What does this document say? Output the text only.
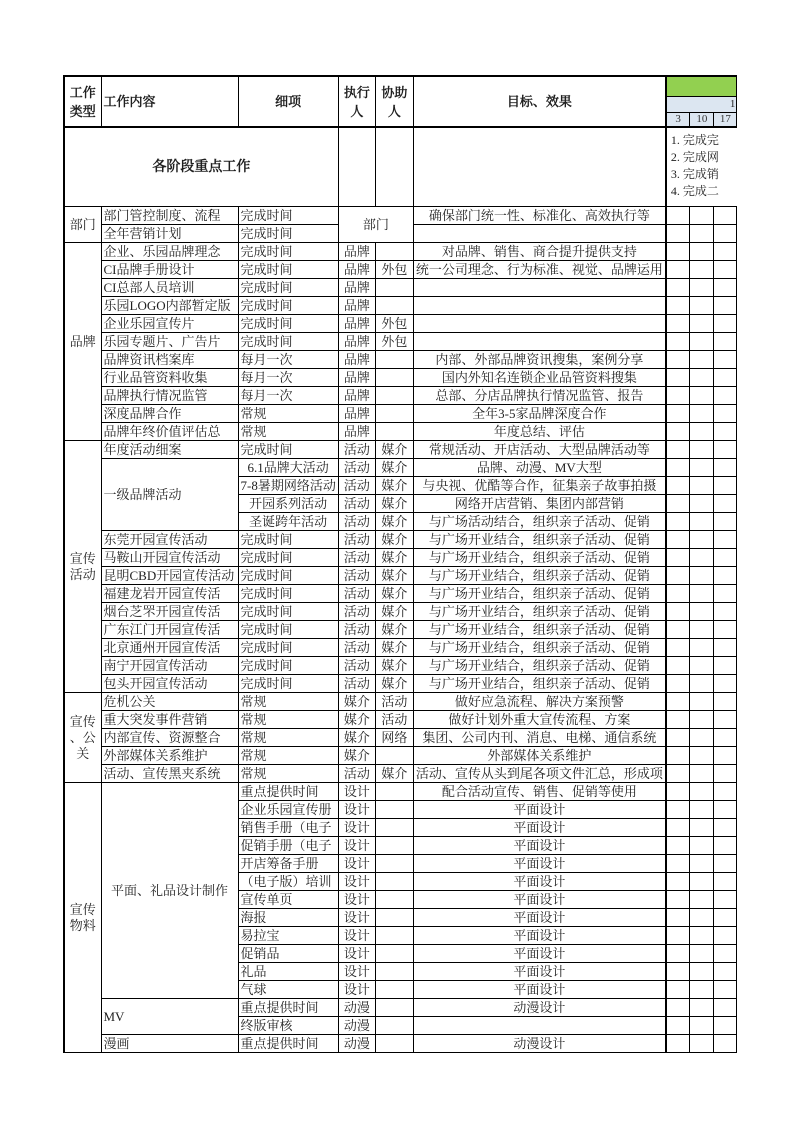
工作类型	工作内容	细项	执行人	协助人	目标、效果			
						1		
						3	10	17
各阶段重点工作						1. 完成完
2. 完成网
3. 完成销
4. 完成二		

部门	部门管控制度、流程	完成时间	部门		确保部门统一性、标准化、高效执行等			
	全年营销计划	完成时间						
品牌	企业、乐园品牌理念	完成时间	品牌		对品牌、销售、商合提升提供支持			
	CI品牌手册设计	完成时间	品牌	外包	统一公司理念、行为标准、视觉、品牌运用			
	CI总部人员培训	完成时间	品牌					
	乐园LOGO内部暂定版	完成时间	品牌					
	企业乐园宣传片	完成时间	品牌	外包				
	乐园专题片、广告片	完成时间	品牌	外包				
	品牌资讯档案库	每月一次	品牌		内部、外部品牌资讯搜集，案例分享			
	行业品管资料收集	每月一次	品牌		国内外知名连锁企业品管资料搜集			
	品牌执行情况监管	每月一次	品牌		总部、分店品牌执行情况监管、报告			
	深度品牌合作	常规	品牌		全年3-5家品牌深度合作			
	品牌年终价值评估总	常规	品牌		年度总结、评估			
宣传活动	年度活动细案	完成时间	活动	媒介	常规活动、开店活动、大型品牌活动等			
	一级品牌活动	6.1品牌大活动	活动	媒介	品牌、动漫、MV大型			
		7-8暑期网络活动	活动	媒介	与央视、优酷等合作，征集亲子故事拍摄			
		开园系列活动	活动	媒介	网络开店营销、集团内部营销			
		圣诞跨年活动	活动	媒介	与广场活动结合，组织亲子活动、促销			
	东莞开园宣传活动	完成时间	活动	媒介	与广场开业结合，组织亲子活动、促销			
	马鞍山开园宣传活动	完成时间	活动	媒介	与广场开业结合，组织亲子活动、促销			
	昆明CBD开园宣传活动	完成时间	活动	媒介	与广场开业结合，组织亲子活动、促销			
	福建龙岩开园宣传活	完成时间	活动	媒介	与广场开业结合，组织亲子活动、促销			
	烟台芝罘开园宣传活	完成时间	活动	媒介	与广场开业结合，组织亲子活动、促销			
	广东江门开园宣传活	完成时间	活动	媒介	与广场开业结合，组织亲子活动、促销			
	北京通州开园宣传活	完成时间	活动	媒介	与广场开业结合，组织亲子活动、促销			
	南宁开园宣传活动	完成时间	活动	媒介	与广场开业结合，组织亲子活动、促销			
	包头开园宣传活动	完成时间	活动	媒介	与广场开业结合，组织亲子活动、促销			
宣传、公关	危机公关	常规	媒介	活动	做好应急流程、解决方案预警			
	重大突发事件营销	常规	媒介	活动	做好计划外重大宣传流程、方案			
	内部宣传、资源整合	常规	媒介	网络	集团、公司内刊、消息、电梯、通信系统			
	外部媒体关系维护	常规	媒介		外部媒体关系维护			
	活动、宣传黑夹系统	常规	活动	媒介	活动、宣传从头到尾各项文件汇总，形成项			
宣传物料	平面、礼品设计制作	重点提供时间	设计		配合活动宣传、销售、促销等使用			
		企业乐园宣传册	设计		平面设计			
		销售手册（电子	设计		平面设计			
		促销手册（电子	设计		平面设计			
		开店筹备手册	设计		平面设计			
		（电子版）培训	设计		平面设计			
		宣传单页	设计		平面设计			
		海报	设计		平面设计			
		易拉宝	设计		平面设计			
		促销品	设计		平面设计			
		礼品	设计		平面设计			
		气球	设计		平面设计			
	MV	重点提供时间	动漫		动漫设计			
		终版审核	动漫					
	漫画	重点提供时间	动漫		动漫设计			
